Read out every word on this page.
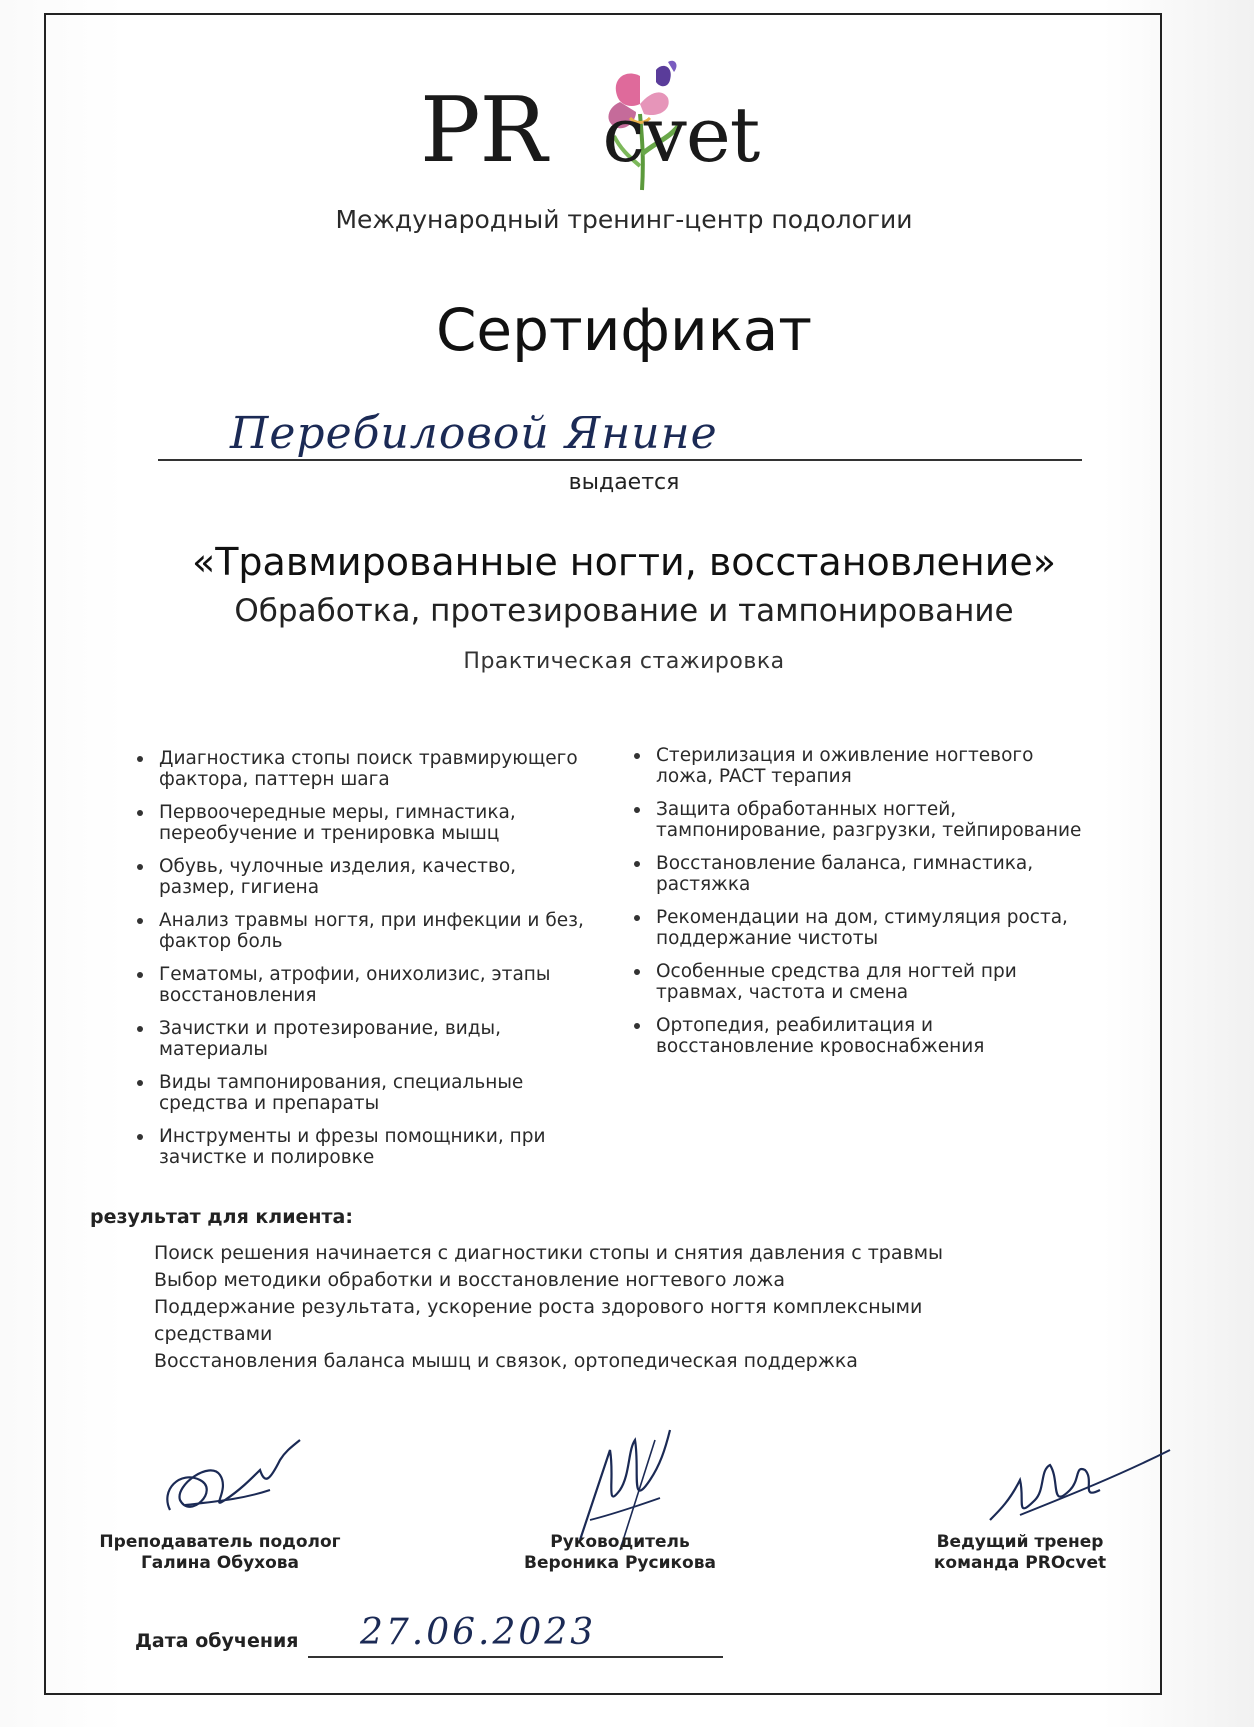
PR cvet
Международный тренинг-центр подологии
Сертификат
Перебиловой Янине
выдается
«Травмированные ногти, восстановление»
Обработка, протезирование и тампонирование
Практическая стажировка
Диагностика стопы поиск травмирующего фактора, паттерн шага
Первоочередные меры, гимнастика, переобучение и тренировка мышц
Обувь, чулочные изделия, качество, размер, гигиена
Анализ травмы ногтя, при инфекции и без, фактор боль
Гематомы, атрофии, онихолизис, этапы восстановления
Зачистки и протезирование, виды, материалы
Виды тампонирования, специальные средства и препараты
Инструменты и фрезы помощники, при зачистке и полировке
Стерилизация и оживление ногтевого ложа, PACT терапия
Защита обработанных ногтей, тампонирование, разгрузки, тейпирование
Восстановление баланса, гимнастика, растяжка
Рекомендации на дом, стимуляция роста, поддержание чистоты
Особенные средства для ногтей при травмах, частота и смена
Ортопедия, реабилитация и восстановление кровоснабжения
результат для клиента:
Поиск решения начинается с диагностики стопы и снятия давления с травмы
Выбор методики обработки и восстановление ногтевого ложа
Поддержание результата, ускорение роста здорового ногтя комплексными средствами
Восстановления баланса мышц и связок, ортопедическая поддержка
Преподаватель подолог
Галина Обухова
Руководитель
Вероника Русикова
Ведущий тренер
команда PROcvet
Дата обучения 27.06.2023
